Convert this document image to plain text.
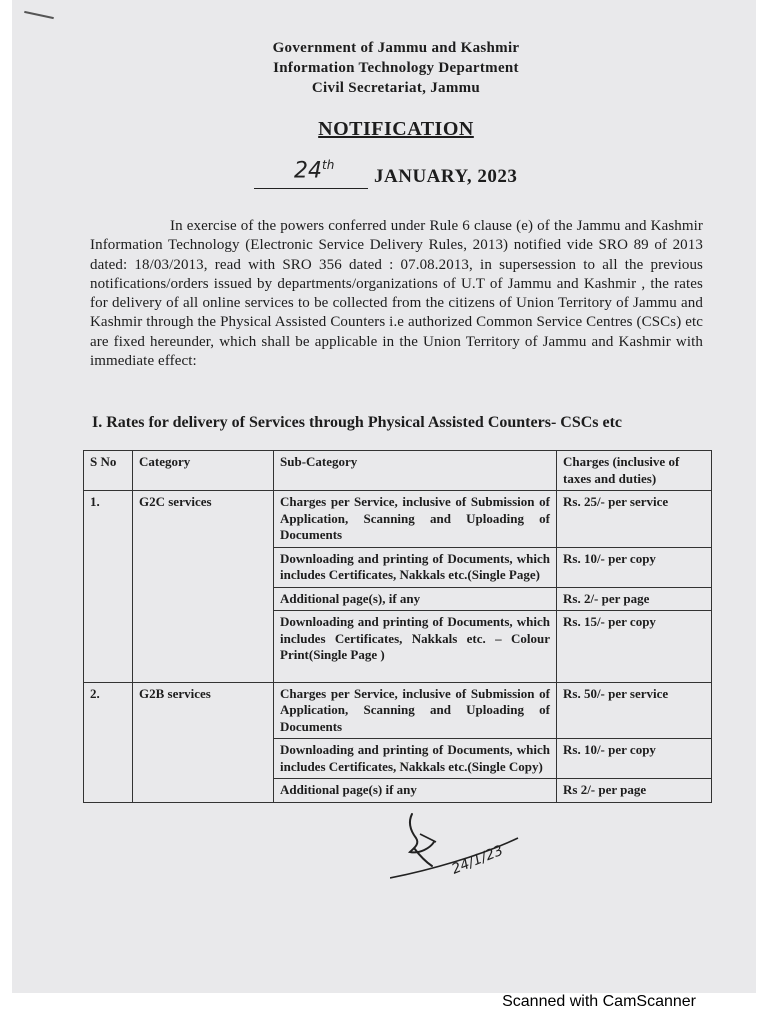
Government of Jammu and Kashmir
Information Technology Department
Civil Secretariat, Jammu
NOTIFICATION
24th
JANUARY, 2023
In exercise of the powers conferred under Rule 6 clause (e) of the Jammu and Kashmir Information Technology (Electronic Service Delivery Rules, 2013) notified vide SRO 89 of 2013 dated: 18/03/2013, read with SRO 356 dated : 07.08.2013, in supersession to all the previous notifications/orders issued by departments/organizations of U.T of Jammu and Kashmir , the rates for delivery of all online services to be collected from the citizens of Union Territory of Jammu and Kashmir through the Physical Assisted Counters i.e authorized Common Service Centres (CSCs) etc are fixed hereunder, which shall be applicable in the Union Territory of Jammu and Kashmir with immediate effect:
I. Rates for delivery of Services through Physical Assisted Counters- CSCs etc
S No	Category	Sub-Category	Charges (inclusive of taxes and duties)
1.	G2C services	Charges per Service, inclusive of Submission of Application, Scanning and Uploading of Documents	Rs. 25/- per service
		Downloading and printing of Documents, which includes Certificates, Nakkals etc.(Single Page)	Rs. 10/- per copy
		Additional page(s), if any	Rs. 2/- per page
		Downloading and printing of Documents, which includes Certificates, Nakkals etc. – Colour Print(Single Page )	Rs. 15/- per copy
2.	G2B services	Charges per Service, inclusive of Submission of Application, Scanning and Uploading of Documents	Rs. 50/- per service
		Downloading and printing of Documents, which includes Certificates, Nakkals etc.(Single Copy)	Rs. 10/- per copy
		Additional page(s) if any	Rs 2/- per page
24/1/23
Scanned with CamScanner
